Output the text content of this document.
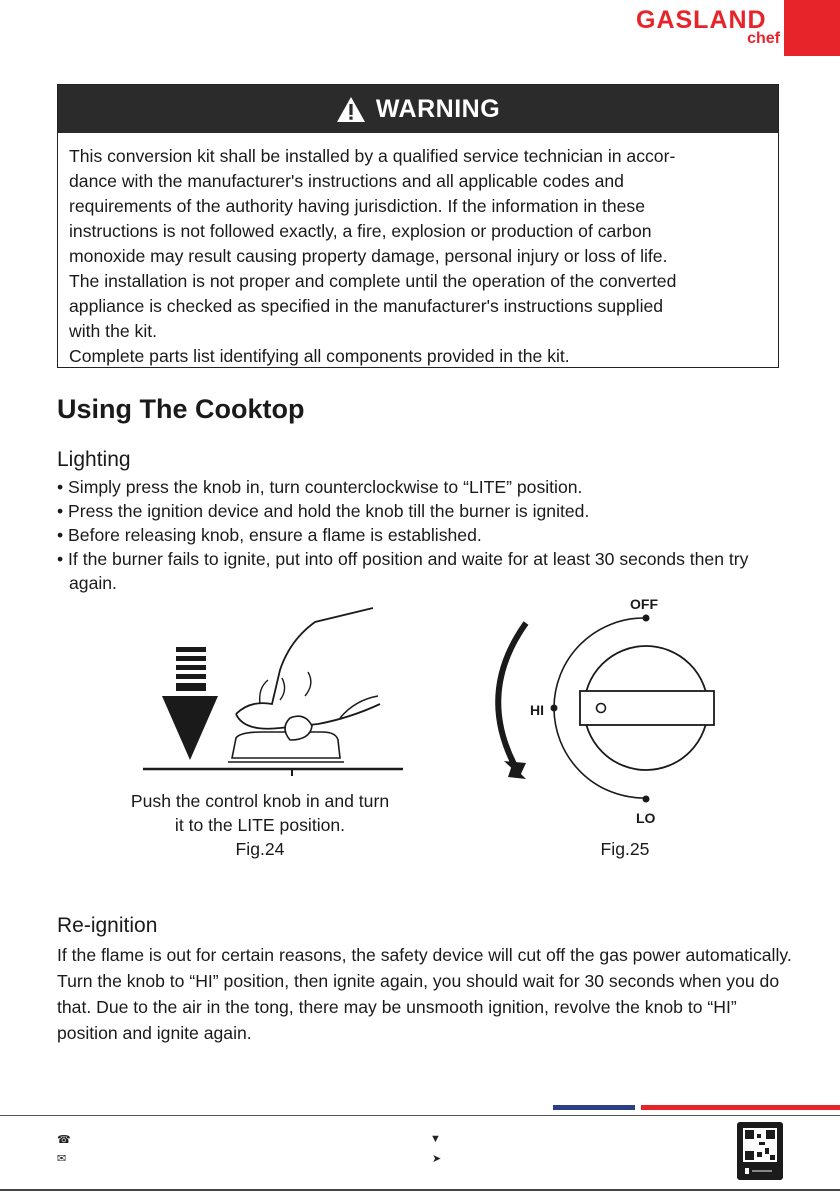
GASLAND
chef
WARNING

This conversion kit shall be installed by a qualified service technician in accor-

dance with the manufacturer's instructions and all applicable codes and

requirements of the authority having jurisdiction. If the information in these

instructions is not followed exactly, a fire, explosion or production of carbon

monoxide may result causing property damage, personal injury or loss of life.

The installation is not proper and complete until the operation of the converted

appliance is checked as specified in the manufacturer's instructions supplied

with the kit.

Complete parts list identifying all components provided in the kit.

Using The Cooktop
Lighting

• Simply press the knob in, turn counterclockwise to “LITE” position.

• Press the ignition device and hold the knob till the burner is ignited.

• Before releasing knob, ensure a flame is established.

• If the burner fails to ignite, put into off position and waite for at least 30 seconds then try again.

Push the control knob in and turn
it to the LITE position.
Fig.24
OFF
HI
LO
Fig.25
Re-ignition

If the flame is out for certain reasons, the safety device will cut off the gas power automatically. Turn the knob to “HI” position, then ignite again, you should wait for 30 seconds when you do that. Due to the air in the tong, there may be unsmooth ignition, revolve the knob to “HI” position and ignite again.

☎
✉
▼
➤
